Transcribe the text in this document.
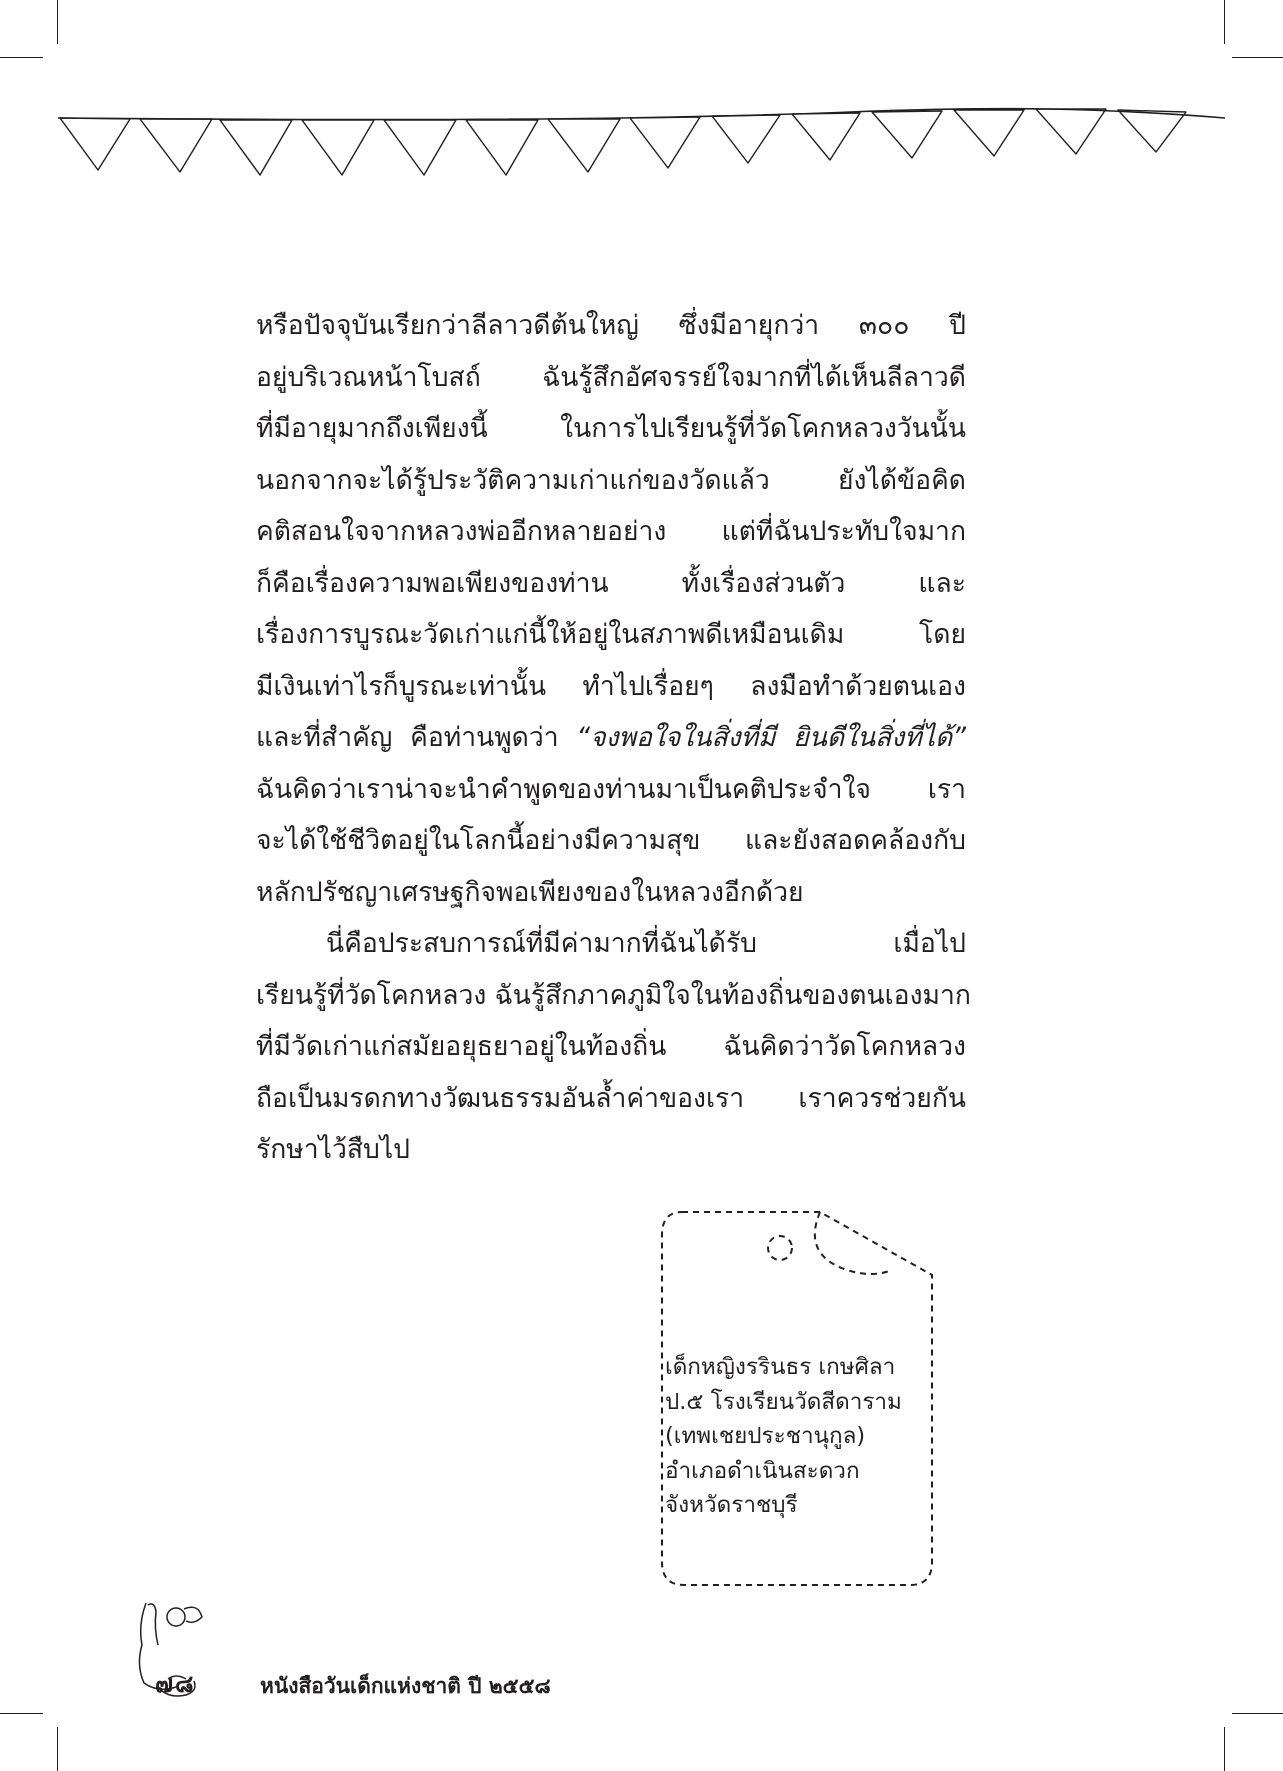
หรือปัจจุบันเรียกว่าลีลาวดีต้นใหญ่ ซึ่งมีอายุกว่า ๓๐๐ ปี
อยู่บริเวณหน้าโบสถ์ ฉันรู้สึกอัศจรรย์ใจมากที่ได้เห็นลีลาวดี
ที่มีอายุมากถึงเพียงนี้ ในการไปเรียนรู้ที่วัดโคกหลวงวันนั้น
นอกจากจะได้รู้ประวัติความเก่าแก่ของวัดแล้ว ยังได้ข้อคิด
คติสอนใจจากหลวงพ่ออีกหลายอย่าง แต่ที่ฉันประทับใจมาก
ก็คือเรื่องความพอเพียงของท่าน ทั้งเรื่องส่วนตัว และ
เรื่องการบูรณะวัดเก่าแก่นี้ให้อยู่ในสภาพดีเหมือนเดิม โดย
มีเงินเท่าไรก็บูรณะเท่านั้น ทำไปเรื่อยๆ ลงมือทำด้วยตนเอง
และที่สำคัญ คือท่านพูดว่า “จงพอใจในสิ่งที่มี ยินดีในสิ่งที่ได้”
ฉันคิดว่าเราน่าจะนำคำพูดของท่านมาเป็นคติประจำใจ เรา
จะได้ใช้ชีวิตอยู่ในโลกนี้อย่างมีความสุข และยังสอดคล้องกับ
หลักปรัชญาเศรษฐกิจพอเพียงของในหลวงอีกด้วย
นี่คือประสบการณ์ที่มีค่ามากที่ฉันได้รับ เมื่อไป
เรียนรู้ที่วัดโคกหลวง ฉันรู้สึกภาคภูมิใจในท้องถิ่นของตนเองมาก
ที่มีวัดเก่าแก่สมัยอยุธยาอยู่ในท้องถิ่น ฉันคิดว่าวัดโคกหลวง
ถือเป็นมรดกทางวัฒนธรรมอันล้ำค่าของเรา เราควรช่วยกัน
รักษาไว้สืบไป
เด็กหญิงรรินธร เกษศิลา
ป.๕ โรงเรียนวัดสีดาราม
(เทพเชยประชานุกูล)
อำเภอดำเนินสะดวก
จังหวัดราชบุรี
๗๘	หนังสือวันเด็กแห่งชาติ ปี ๒๕๕๘
